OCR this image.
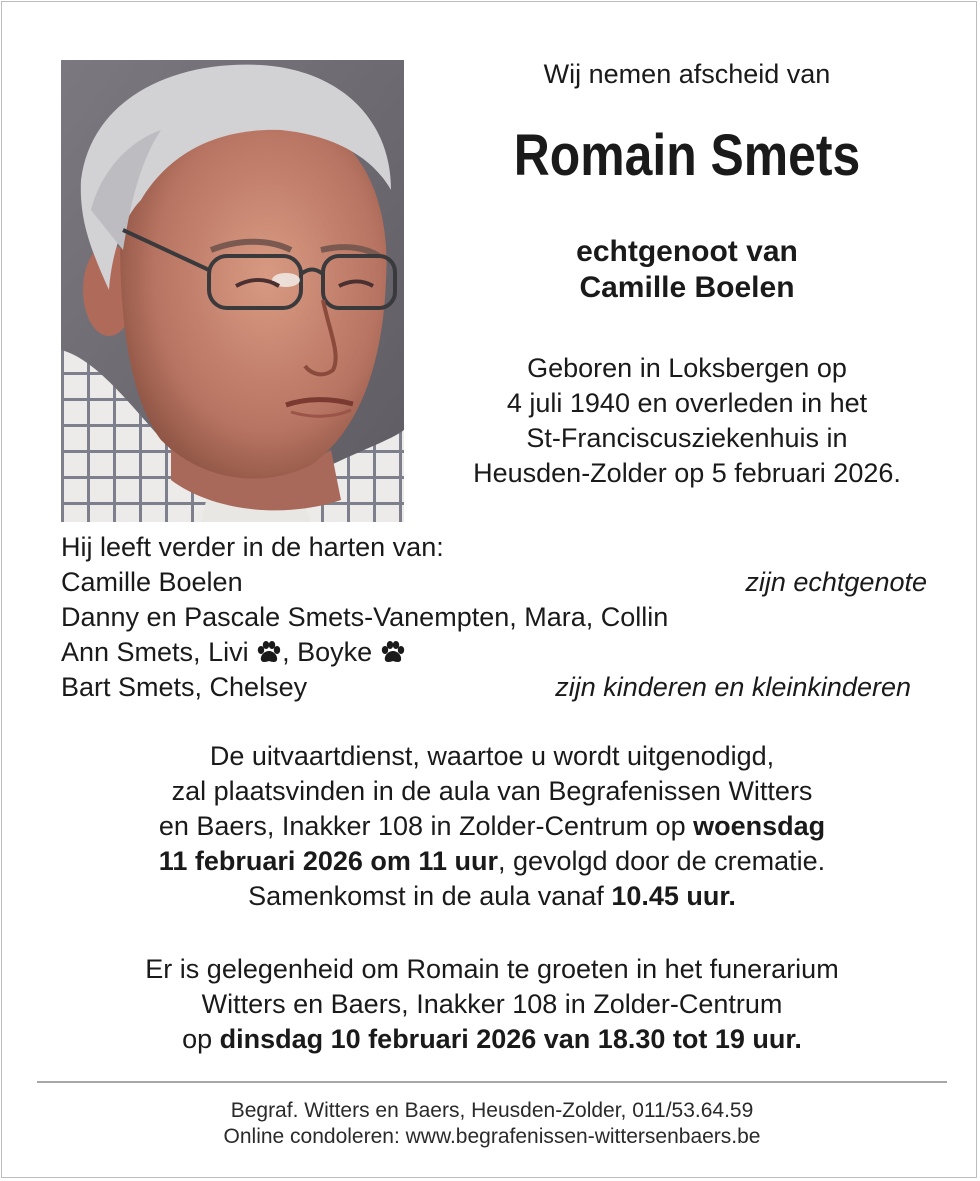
Wij nemen afscheid van

Romain Smets
echtgenoot van
Camille Boelen
Geboren in Loksbergen op
4 juli 1940 en overleden in het
St-Franciscusziekenhuis in
Heusden-Zolder op 5 februari 2026.
Hij leeft verder in de harten van:
Camille Boelen	zijn echtgenote
Danny en Pascale Smets-Vanempten, Mara, Collin
Ann Smets, Livi , Boyke
Bart Smets, Chelsey	zijn kinderen en kleinkinderen
De uitvaartdienst, waartoe u wordt uitgenodigd,
zal plaatsvinden in de aula van Begrafenissen Witters
en Baers, Inakker 108 in Zolder-Centrum op woensdag
11 februari 2026 om 11 uur, gevolgd door de crematie.
Samenkomst in de aula vanaf 10.45 uur.
Er is gelegenheid om Romain te groeten in het funerarium
Witters en Baers, Inakker 108 in Zolder-Centrum
op dinsdag 10 februari 2026 van 18.30 tot 19 uur.
Begraf. Witters en Baers, Heusden-Zolder, 011/53.64.59
Online condoleren: www.begrafenissen-wittersenbaers.be
